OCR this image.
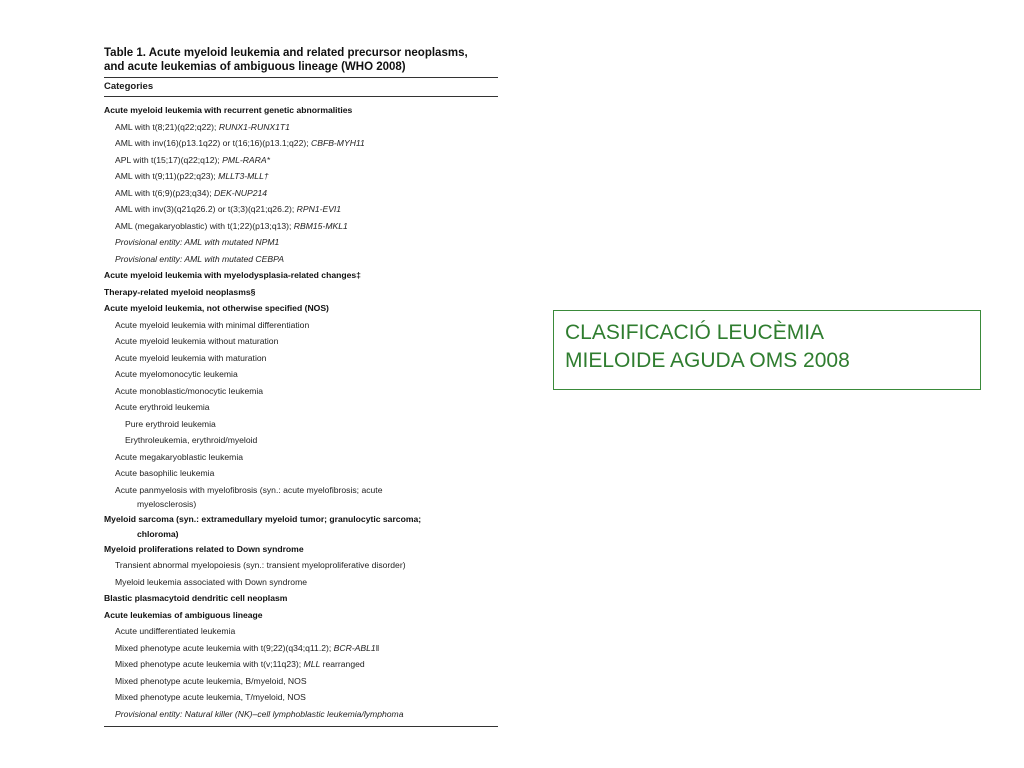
Table 1. Acute myeloid leukemia and related precursor neoplasms,
and acute leukemias of ambiguous lineage (WHO 2008)
Categories
Acute myeloid leukemia with recurrent genetic abnormalities
AML with t(8;21)(q22;q22); RUNX1-RUNX1T1
AML with inv(16)(p13.1q22) or t(16;16)(p13.1;q22); CBFB-MYH11
APL with t(15;17)(q22;q12); PML-RARA*
AML with t(9;11)(p22;q23); MLLT3-MLL†
AML with t(6;9)(p23;q34); DEK-NUP214
AML with inv(3)(q21q26.2) or t(3;3)(q21;q26.2); RPN1-EVI1
AML (megakaryoblastic) with t(1;22)(p13;q13); RBM15-MKL1
Provisional entity: AML with mutated NPM1
Provisional entity: AML with mutated CEBPA
Acute myeloid leukemia with myelodysplasia-related changes‡
Therapy-related myeloid neoplasms§
Acute myeloid leukemia, not otherwise specified (NOS)
Acute myeloid leukemia with minimal differentiation
Acute myeloid leukemia without maturation
Acute myeloid leukemia with maturation
Acute myelomonocytic leukemia
Acute monoblastic/monocytic leukemia
Acute erythroid leukemia
Pure erythroid leukemia
Erythroleukemia, erythroid/myeloid
Acute megakaryoblastic leukemia
Acute basophilic leukemia
Acute panmyelosis with myelofibrosis (syn.: acute myelofibrosis; acute
myelosclerosis)
Myeloid sarcoma (syn.: extramedullary myeloid tumor; granulocytic sarcoma;
chloroma)
Myeloid proliferations related to Down syndrome
Transient abnormal myelopoiesis (syn.: transient myeloproliferative disorder)
Myeloid leukemia associated with Down syndrome
Blastic plasmacytoid dendritic cell neoplasm
Acute leukemias of ambiguous lineage
Acute undifferentiated leukemia
Mixed phenotype acute leukemia with t(9;22)(q34;q11.2); BCR-ABL1‖
Mixed phenotype acute leukemia with t(v;11q23); MLL rearranged
Mixed phenotype acute leukemia, B/myeloid, NOS
Mixed phenotype acute leukemia, T/myeloid, NOS
Provisional entity: Natural killer (NK)–cell lymphoblastic leukemia/lymphoma
CLASIFICACIÓ LEUCÈMIA
MIELOIDE AGUDA OMS 2008
